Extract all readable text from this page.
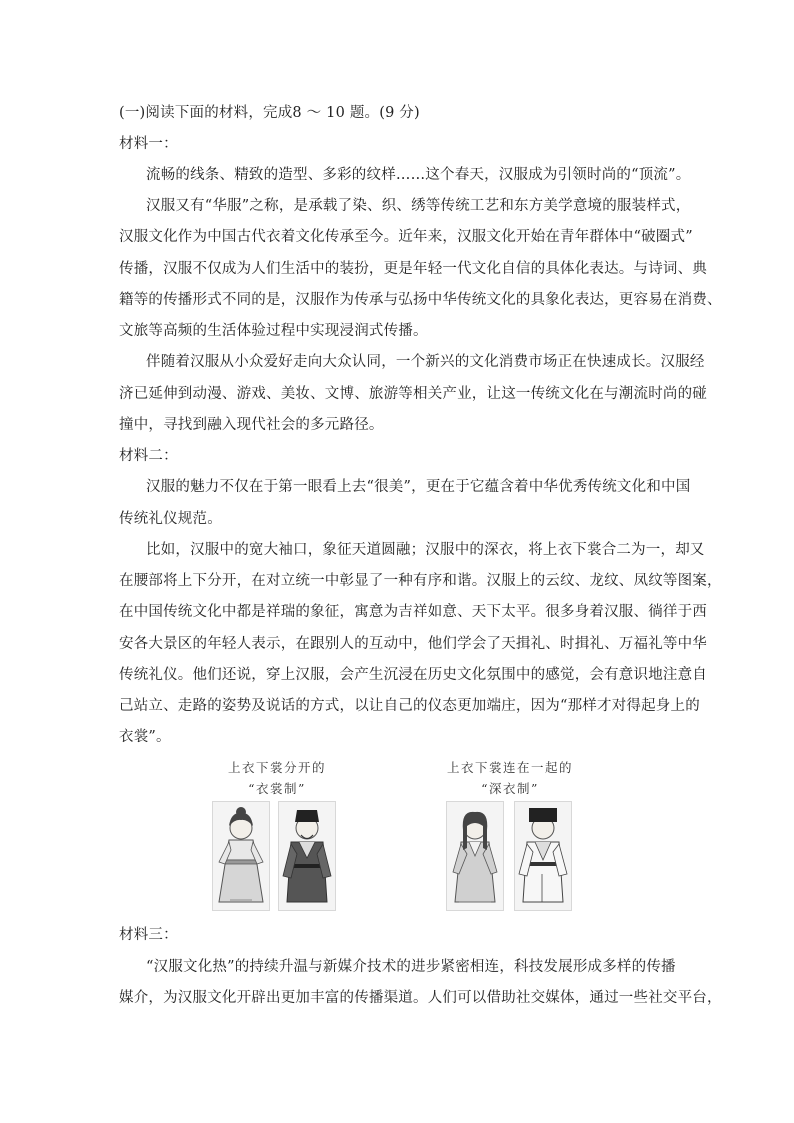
(一)阅读下面的材料，完成8 ～ 10 题。(9 分)
材料一：
流畅的线条、精致的造型、多彩的纹样……这个春天，汉服成为引领时尚的“顶流”。
汉服又有“华服”之称，是承载了染、织、绣等传统工艺和东方美学意境的服装样式，
汉服文化作为中国古代衣着文化传承至今。近年来，汉服文化开始在青年群体中“破圈式”
传播，汉服不仅成为人们生活中的装扮，更是年轻一代文化自信的具体化表达。与诗词、典
籍等的传播形式不同的是，汉服作为传承与弘扬中华传统文化的具象化表达，更容易在消费、
文旅等高频的生活体验过程中实现浸润式传播。
伴随着汉服从小众爱好走向大众认同，一个新兴的文化消费市场正在快速成长。汉服经
济已延伸到动漫、游戏、美妆、文博、旅游等相关产业，让这一传统文化在与潮流时尚的碰
撞中，寻找到融入现代社会的多元路径。
材料二：
汉服的魅力不仅在于第一眼看上去“很美”，更在于它蕴含着中华优秀传统文化和中国
传统礼仪规范。
比如，汉服中的宽大袖口，象征天道圆融；汉服中的深衣，将上衣下裳合二为一，却又
在腰部将上下分开，在对立统一中彰显了一种有序和谐。汉服上的云纹、龙纹、凤纹等图案，
在中国传统文化中都是祥瑞的象征，寓意为吉祥如意、天下太平。很多身着汉服、徜徉于西
安各大景区的年轻人表示，在跟别人的互动中，他们学会了天揖礼、时揖礼、万福礼等中华
传统礼仪。他们还说，穿上汉服，会产生沉浸在历史文化氛围中的感觉，会有意识地注意自
己站立、走路的姿势及说话的方式，以让自己的仪态更加端庄，因为“那样才对得起身上的
衣裳”。
上衣下裳分开的
“衣裳制”
上衣下裳连在一起的
“深衣制”
材料三：
“汉服文化热”的持续升温与新媒介技术的进步紧密相连，科技发展形成多样的传播
媒介，为汉服文化开辟出更加丰富的传播渠道。人们可以借助社交媒体，通过一些社交平台，
